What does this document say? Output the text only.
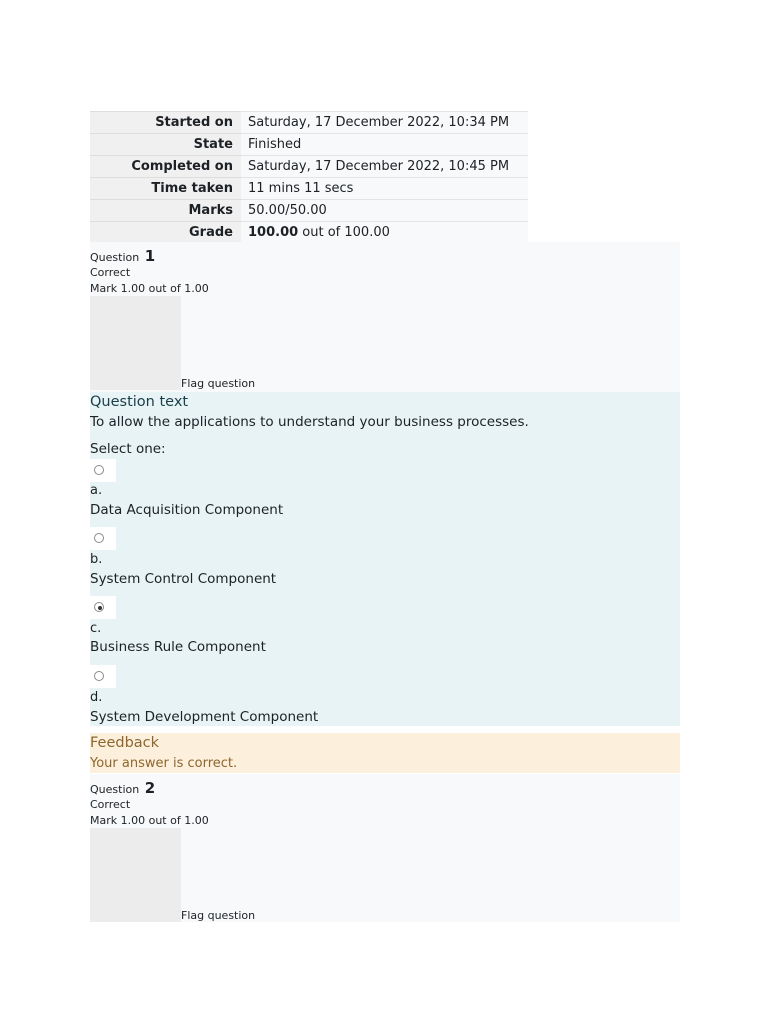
Started on	Saturday, 17 December 2022, 10:34 PM
State	Finished
Completed on	Saturday, 17 December 2022, 10:45 PM
Time taken	11 mins 11 secs
Marks	50.00/50.00
Grade	100.00 out of 100.00
Question 1
Correct
Mark 1.00 out of 1.00
Flag question
Question text
To allow the applications to understand your business processes.
Select one:
a.
Data Acquisition Component
b.
System Control Component
c.
Business Rule Component
d.
System Development Component
Feedback
Your answer is correct.
Question 2
Correct
Mark 1.00 out of 1.00
Flag question
